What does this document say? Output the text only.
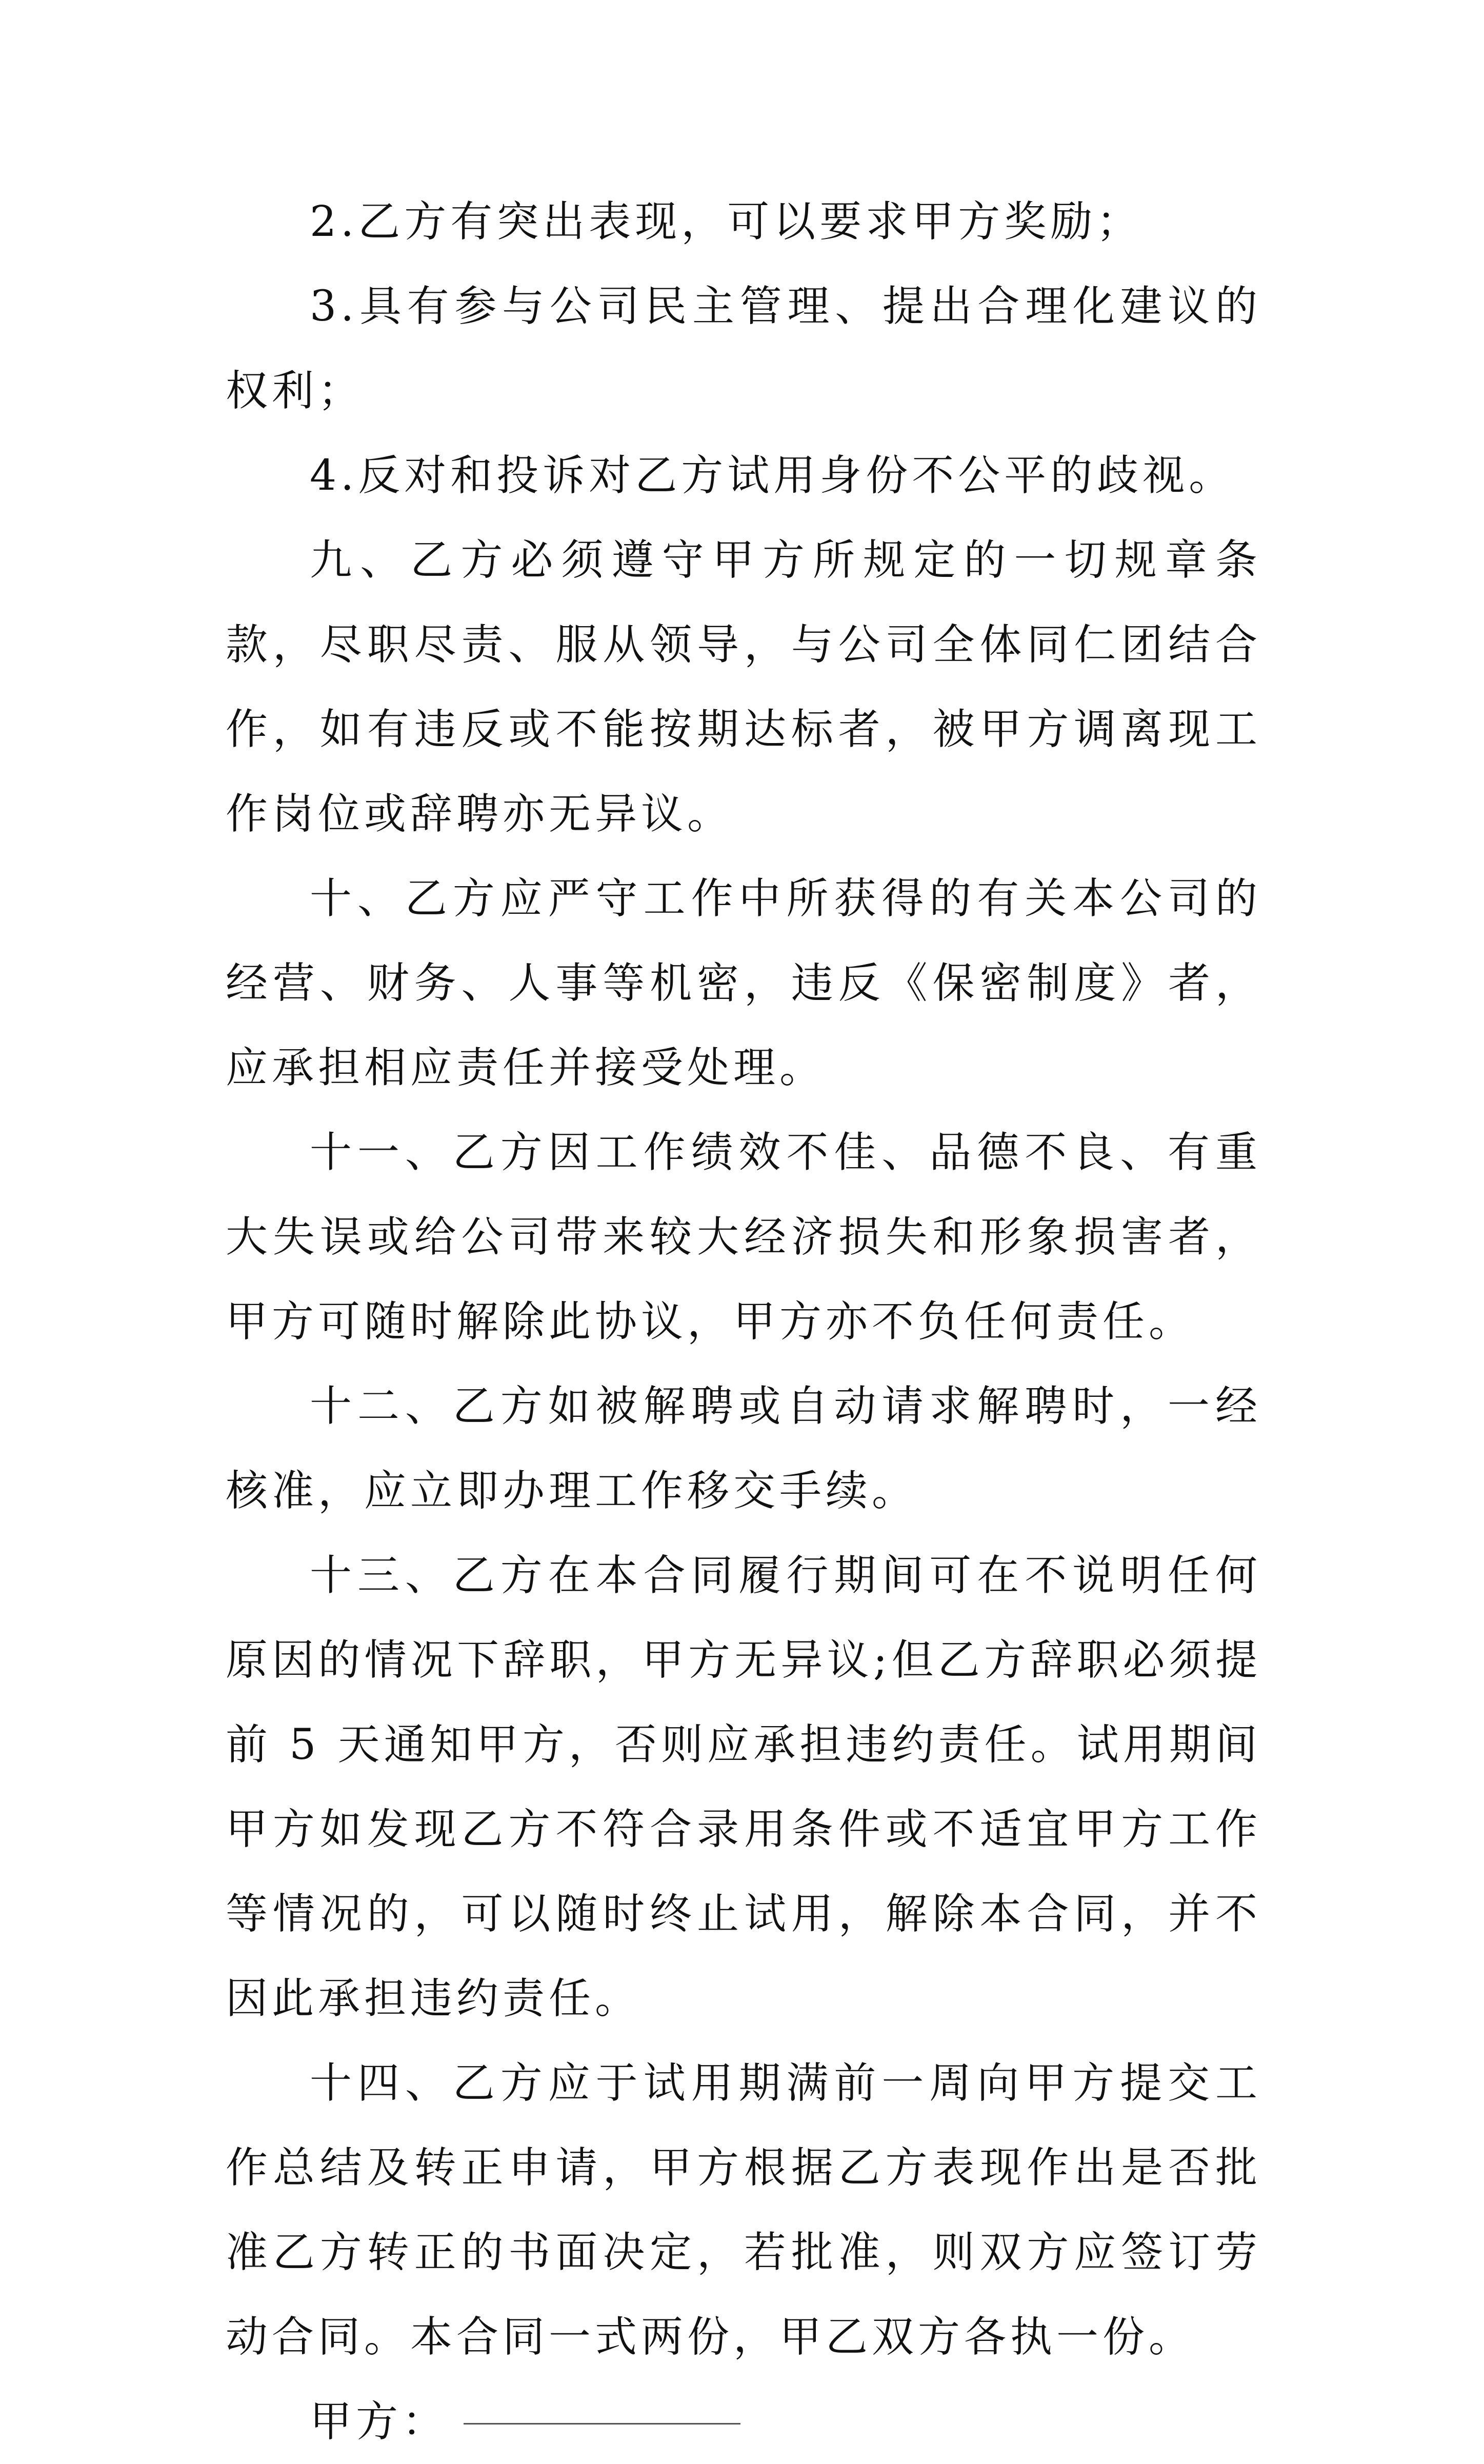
2.乙方有突出表现，可以要求甲方奖励；

3.具有参与公司民主管理、提出合理化建议的权利；

4.反对和投诉对乙方试用身份不公平的歧视。

九、乙方必须遵守甲方所规定的一切规章条款，尽职尽责、服从领导，与公司全体同仁团结合作，如有违反或不能按期达标者，被甲方调离现工作岗位或辞聘亦无异议。

十、乙方应严守工作中所获得的有关本公司的经营、财务、人事等机密，违反《保密制度》者，应承担相应责任并接受处理。

十一、乙方因工作绩效不佳、品德不良、有重大失误或给公司带来较大经济损失和形象损害者，甲方可随时解除此协议，甲方亦不负任何责任。

十二、乙方如被解聘或自动请求解聘时，一经核准，应立即办理工作移交手续。

十三、乙方在本合同履行期间可在不说明任何原因的情况下辞职，甲方无异议;但乙方辞职必须提前 5 天通知甲方，否则应承担违约责任。试用期间甲方如发现乙方不符合录用条件或不适宜甲方工作等情况的，可以随时终止试用，解除本合同，并不因此承担违约责任。

十四、乙方应于试用期满前一周向甲方提交工作总结及转正申请，甲方根据乙方表现作出是否批准乙方转正的书面决定，若批准，则双方应签订劳动合同。本合同一式两份，甲乙双方各执一份。

甲方：
